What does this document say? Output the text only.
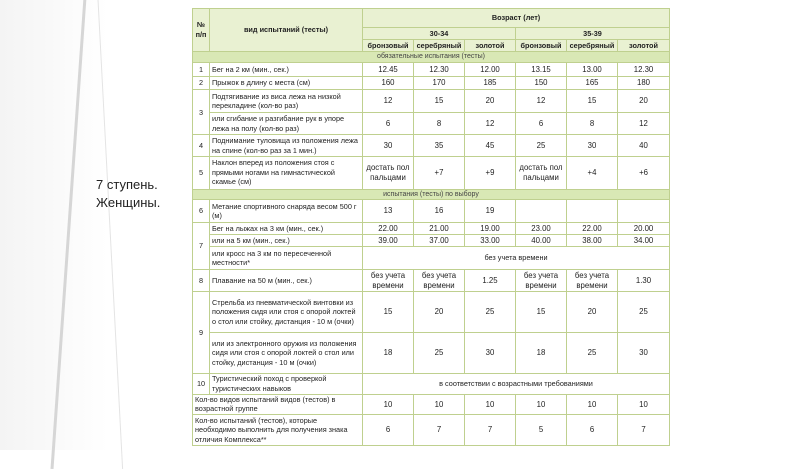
7 ступень.
Женщины.
№ п/п	вид испытаний (тесты)	Возраст (лет)					
		30-34			35-39		
		бронзовый	серебряный	золотой	бронзовый	серебряный	золотой
обязательные испытания (тесты)							
1	Бег на 2 км (мин., сек.)	12.45	12.30	12.00	13.15	13.00	12.30
2	Прыжок в длину с места (см)	160	170	185	150	165	180
3	Подтягивание из виса лежа на низкой перекладине (кол-во раз)	12	15	20	12	15	20
	или сгибание и разгибание рук в упоре лежа на полу (кол-во раз)	6	8	12	6	8	12
4	Поднимание туловища из положения лежа на спине (кол-во раз за 1 мин.)	30	35	45	25	30	40
5	Наклон вперед из положения стоя с прямыми ногами на гимнастической скамье (см)	достать пол пальцами	+7	+9	достать пол пальцами	+4	+6
испытания (тесты) по выбору							
6	Метание спортивного снаряда весом 500 г (м)	13	16	19			
7	Бег на лыжах на 3 км (мин., сек.)	22.00	21.00	19.00	23.00	22.00	20.00
	или на 5 км (мин., сек.)	39.00	37.00	33.00	40.00	38.00	34.00
	или кросс на 3 км по пересеченной местности*	без учета времени					
8	Плавание на 50 м (мин., сек.)	без учета времени	без учета времени	1.25	без учета времени	без учета времени	1.30
9	Стрельба из пневматической винтовки из положения сидя или стоя с опорой локтей о стол или стойку, дистанция - 10 м (очки)	15	20	25	15	20	25
	или из электронного оружия из положения сидя или стоя с опорой локтей о стол или стойку, дистанция - 10 м (очки)	18	25	30	18	25	30
10	Туристический поход с проверкой туристических навыков	в соответствии с возрастными требованиями					
Кол-во видов испытаний видов (тестов) в возрастной группе		10	10	10	10	10	10
Кол-во испытаний (тестов), которые необходимо выполнить для получения знака отличия Комплекса**		6	7	7	5	6	7
